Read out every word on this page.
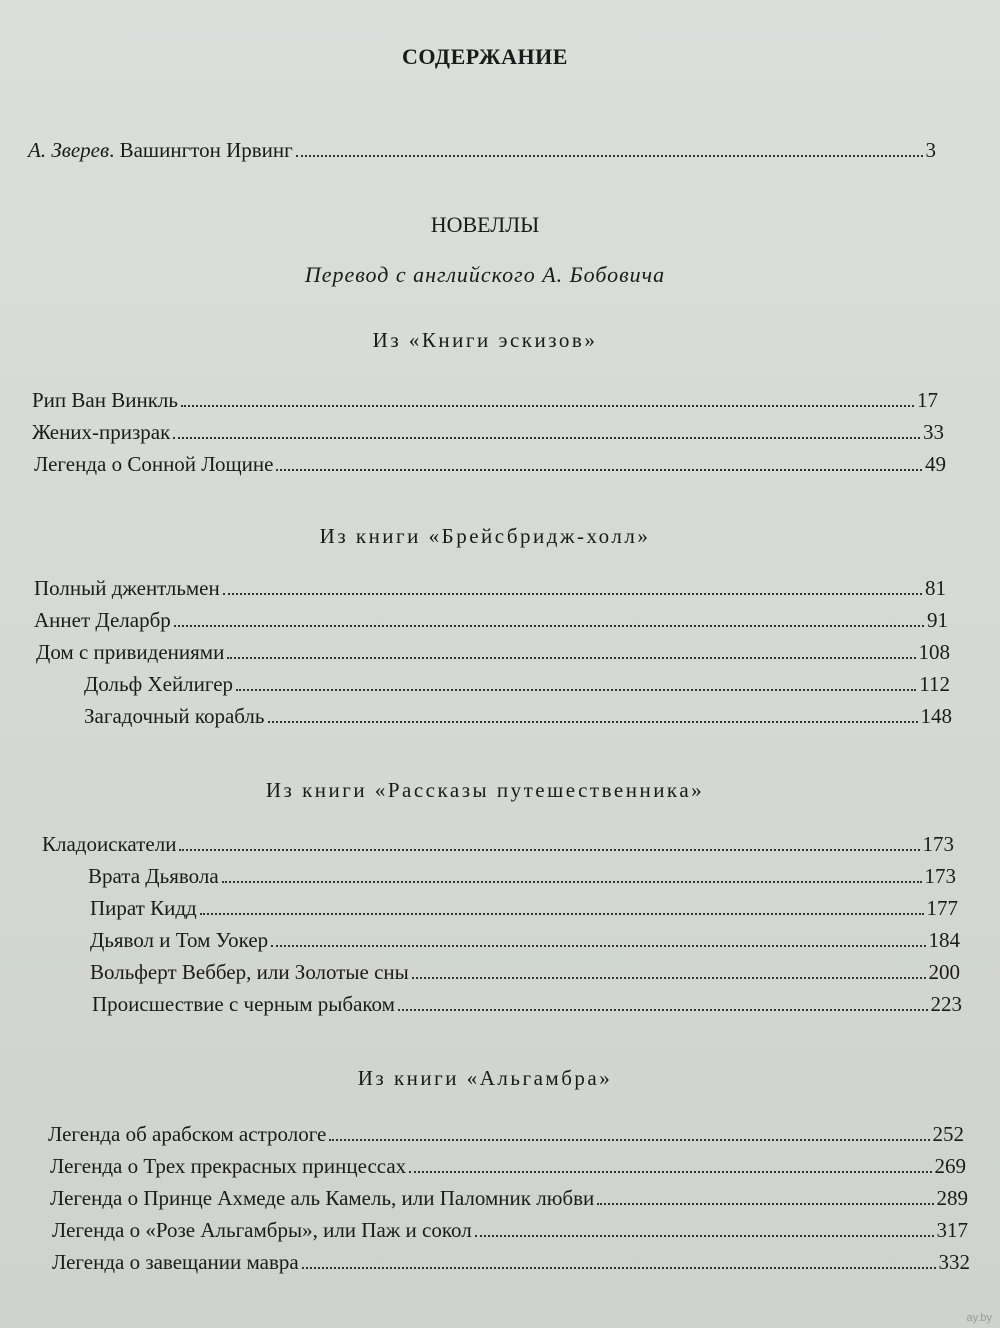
СОДЕРЖАНИЕ
А. Зверев. Вашингтон Ирвинг	3
НОВЕЛЛЫ
Перевод с английского А. Бобовича
Из «Книги эскизов»
Рип Ван Винкль	17
Жених-призрак	33
Легенда о Сонной Лощине	49
Из книги «Брейсбридж-холл»
Полный джентльмен	81
Аннет Деларбр	91
Дом с привидениями	108
Дольф Хейлигер	112
Загадочный корабль	148
Из книги «Рассказы путешественника»
Кладоискатели	173
Врата Дьявола	173
Пират Кидд	177
Дьявол и Том Уокер	184
Вольферт Веббер, или Золотые сны	200
Происшествие с черным рыбаком	223
Из книги «Альгамбра»
Легенда об арабском астрологе	252
Легенда о Трех прекрасных принцессах	269
Легенда о Принце Ахмеде аль Камель, или Паломник любви	289
Легенда о «Розе Альгамбры», или Паж и сокол	317
Легенда о завещании мавра	332
ay.by
